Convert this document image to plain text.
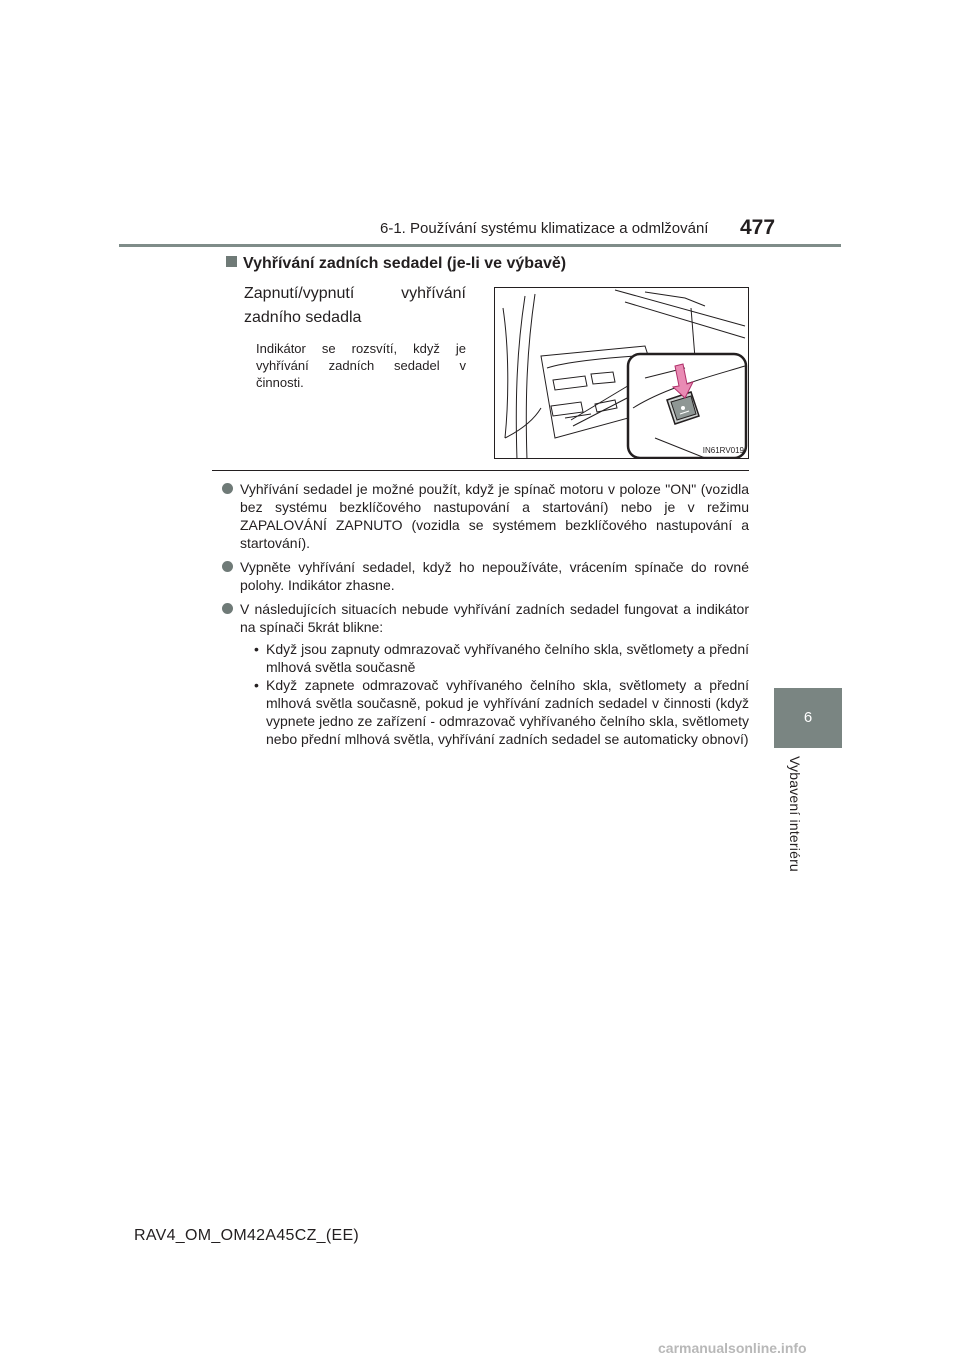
6-1. Používání systému klimatizace a odmlžování 477
6
Vybavení interiéru
Vyhřívání zadních sedadel (je-li ve výbavě)
Zapnutí/vypnutí vyhřívání zadního sedadla
Indikátor se rozsvítí, když je vyhřívání zadních sedadel v činnosti.
IN61RV019
Vyhřívání sedadel je možné použít, když je spínač motoru v poloze "ON" (vozidla bez systému bezklíčového nastupování a startování) nebo je v režimu ZAPALOVÁNÍ ZAPNUTO (vozidla se systémem bezklíčového nastupování a startování).
Vypněte vyhřívání sedadel, když ho nepoužíváte, vrácením spínače do rovné polohy. Indikátor zhasne.
V následujících situacích nebude vyhřívání zadních sedadel fungovat a indikátor na spínači 5krát blikne:
• Když jsou zapnuty odmrazovač vyhřívaného čelního skla, světlomety a přední mlhová světla současně
• Když zapnete odmrazovač vyhřívaného čelního skla, světlomety a přední mlhová světla současně, pokud je vyhřívání zadních sedadel v činnosti (když vypnete jedno ze zařízení - odmrazovač vyhřívaného čelního skla, světlomety nebo přední mlhová světla, vyhřívání zadních sedadel se automaticky obnoví)
RAV4_OM_OM42A45CZ_(EE)
carmanualsonline.info
